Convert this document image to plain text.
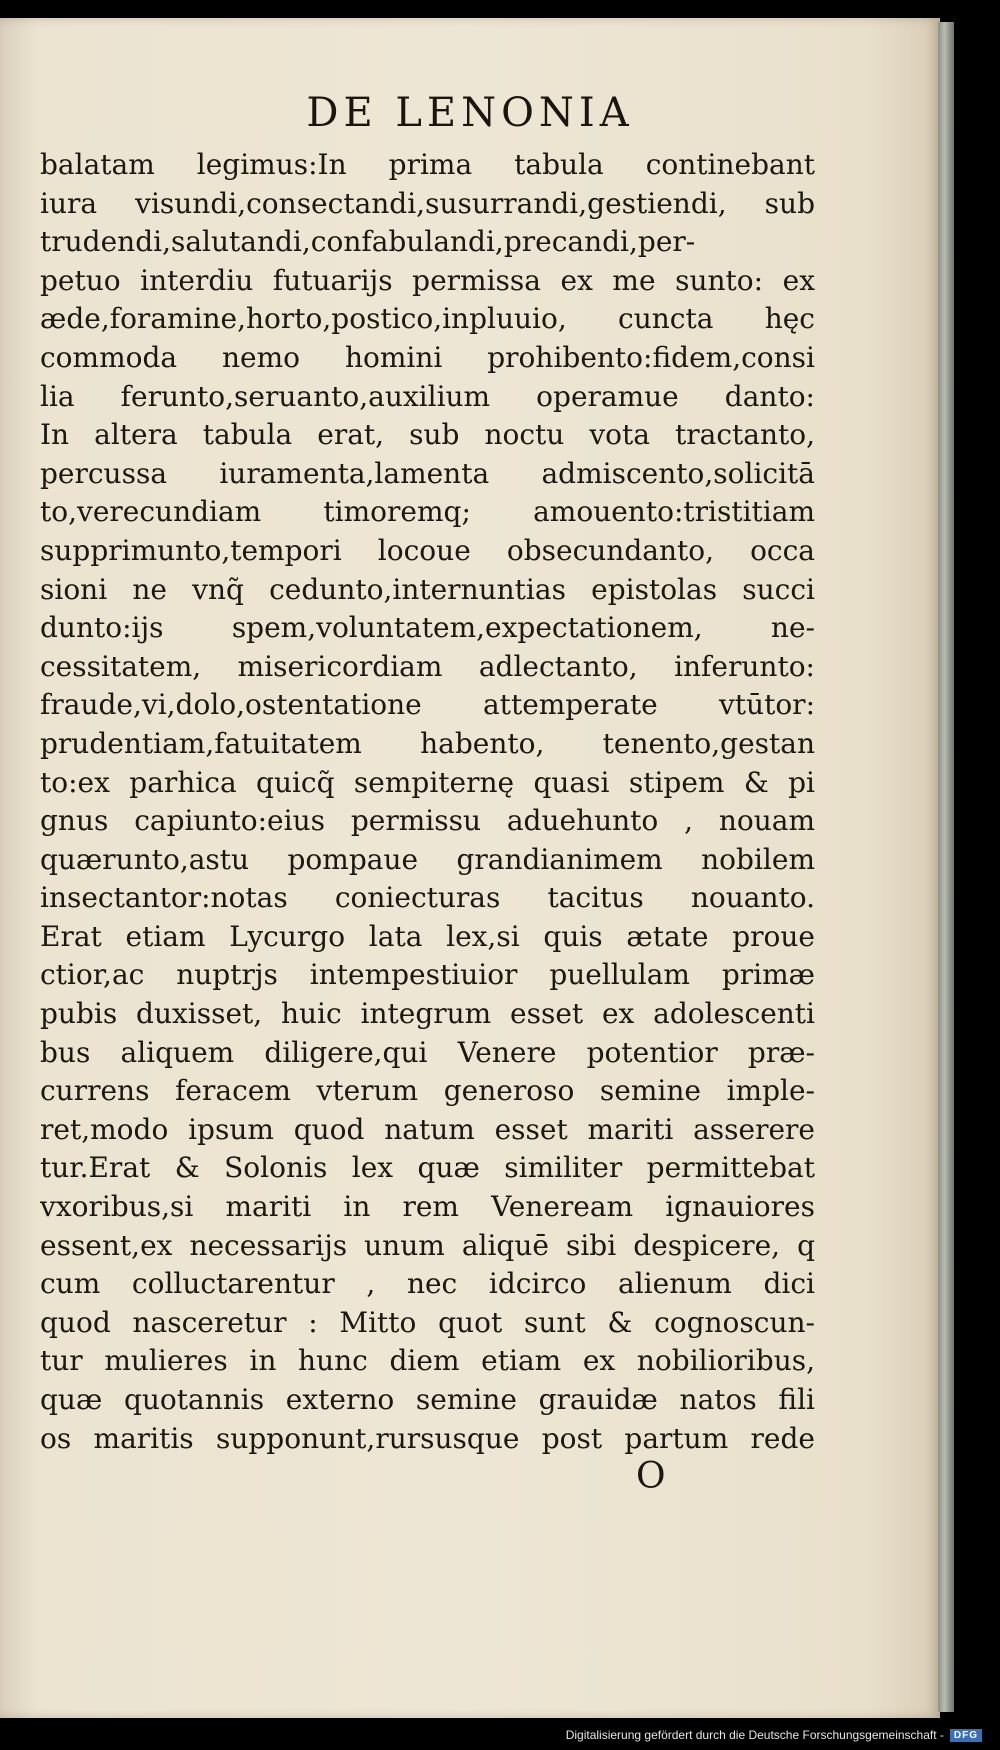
DE LENONIA
balatam legimus:In prima tabula continebant
iura visundi,consectandi,susurrandi,gestiendi, sub
trudendi,salutandi,confabulandi,precandi,per-
petuo interdiu futuarijs permissa ex me sunto: ex
æde,foramine,horto,postico,inpluuio, cuncta hęc
commoda nemo homini prohibento:fidem,consi
lia ferunto,seruanto,auxilium operamue danto:
In altera tabula erat, sub noctu vota tractanto,
percussa iuramenta,lamenta admiscento,solicitā
to,verecundiam timoremq; amouento:tristitiam
supprimunto,tempori locoue obsecundanto, occa
sioni ne vnq̃ cedunto,internuntias epistolas succi
dunto:ijs spem,voluntatem,expectationem, ne-
cessitatem, misericordiam adlectanto, inferunto:
fraude,vi,dolo,ostentatione attemperate vtūtor:
prudentiam,fatuitatem habento, tenento,gestan
to:ex parhica quicq̃ sempiternę quasi stipem & pi
gnus capiunto:eius permissu aduehunto , nouam
quærunto,astu pompaue grandianimem nobilem
insectantor:notas coniecturas tacitus nouanto.
Erat etiam Lycurgo lata lex,si quis ætate proue
ctior,ac nuptrjs intempestiuior puellulam primæ
pubis duxisset, huic integrum esset ex adolescenti
bus aliquem diligere,qui Venere potentior præ-
currens feracem vterum generoso semine imple-
ret,modo ipsum quod natum esset mariti asserere
tur.Erat & Solonis lex quæ similiter permittebat
vxoribus,si mariti in rem Veneream ignauiores
essent,ex necessarijs unum aliquē sibi despicere, q
cum colluctarentur , nec idcirco alienum dici
quod nasceretur : Mitto quot sunt & cognoscun-
tur mulieres in hunc diem etiam ex nobilioribus,
quæ quotannis externo semine grauidæ natos fili
os maritis supponunt,rursusque post partum rede
O
Digitalisierung gefördert durch die Deutsche Forschungsgemeinschaft -	DFG
